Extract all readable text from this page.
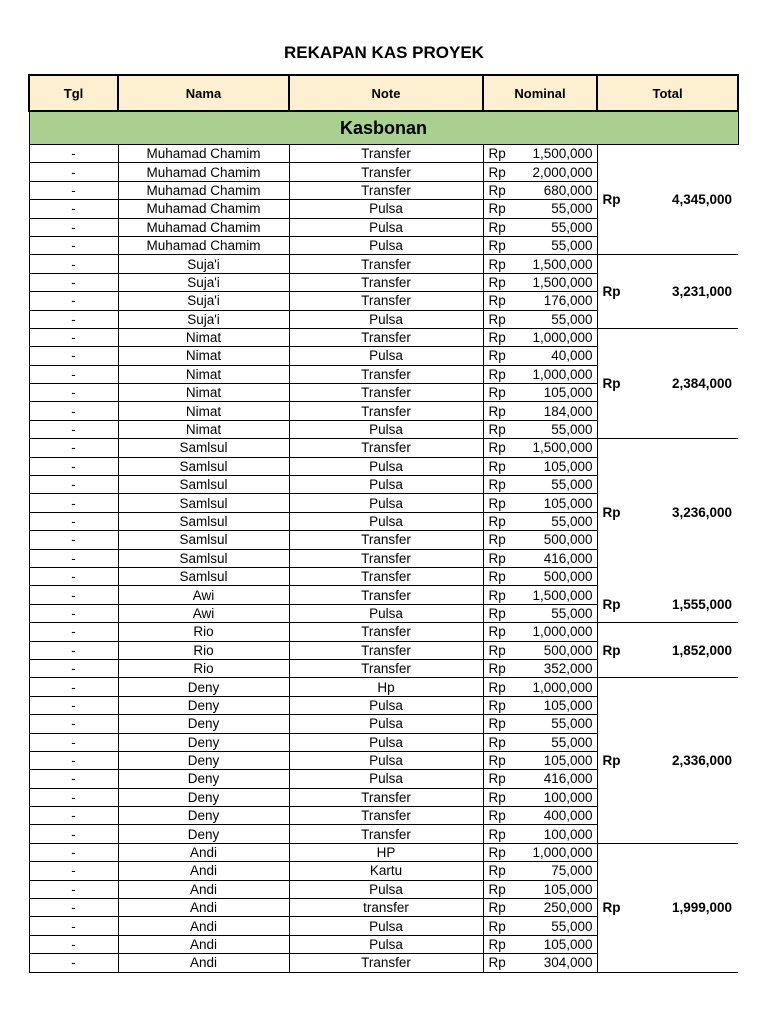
REKAPAN KAS PROYEK
Tgl	Nama	Note	Nominal		Total
Kasbonan					
-	Muhamad Chamim	Transfer	Rp	1,500,000	Rp 4,345,000

-	Muhamad Chamim	Transfer	Rp	2,000,000	
-	Muhamad Chamim	Transfer	Rp	680,000	
-	Muhamad Chamim	Pulsa	Rp	55,000	
-	Muhamad Chamim	Pulsa	Rp	55,000	
-	Muhamad Chamim	Pulsa	Rp	55,000	
-	Suja'i	Transfer	Rp	1,500,000	Rp 3,231,000

-	Suja'i	Transfer	Rp	1,500,000	
-	Suja'i	Transfer	Rp	176,000	
-	Suja'i	Pulsa	Rp	55,000	
-	Nimat	Transfer	Rp	1,000,000	Rp 2,384,000

-	Nimat	Pulsa	Rp	40,000	
-	Nimat	Transfer	Rp	1,000,000	
-	Nimat	Transfer	Rp	105,000	
-	Nimat	Transfer	Rp	184,000	
-	Nimat	Pulsa	Rp	55,000	
-	Samlsul	Transfer	Rp	1,500,000	Rp 3,236,000

-	Samlsul	Pulsa	Rp	105,000	
-	Samlsul	Pulsa	Rp	55,000	
-	Samlsul	Pulsa	Rp	105,000	
-	Samlsul	Pulsa	Rp	55,000	
-	Samlsul	Transfer	Rp	500,000	
-	Samlsul	Transfer	Rp	416,000	
-	Samlsul	Transfer	Rp	500,000	
-	Awi	Transfer	Rp	1,500,000	Rp 1,555,000

-	Awi	Pulsa	Rp	55,000	
-	Rio	Transfer	Rp	1,000,000	Rp 1,852,000

-	Rio	Transfer	Rp	500,000	
-	Rio	Transfer	Rp	352,000	
-	Deny	Hp	Rp	1,000,000	Rp 2,336,000

-	Deny	Pulsa	Rp	105,000	
-	Deny	Pulsa	Rp	55,000	
-	Deny	Pulsa	Rp	55,000	
-	Deny	Pulsa	Rp	105,000	
-	Deny	Pulsa	Rp	416,000	
-	Deny	Transfer	Rp	100,000	
-	Deny	Transfer	Rp	400,000	
-	Deny	Transfer	Rp	100,000	
-	Andi	HP	Rp	1,000,000	Rp 1,999,000

-	Andi	Kartu	Rp	75,000	
-	Andi	Pulsa	Rp	105,000	
-	Andi	transfer	Rp	250,000	
-	Andi	Pulsa	Rp	55,000	
-	Andi	Pulsa	Rp	105,000	
-	Andi	Transfer	Rp	304,000	
